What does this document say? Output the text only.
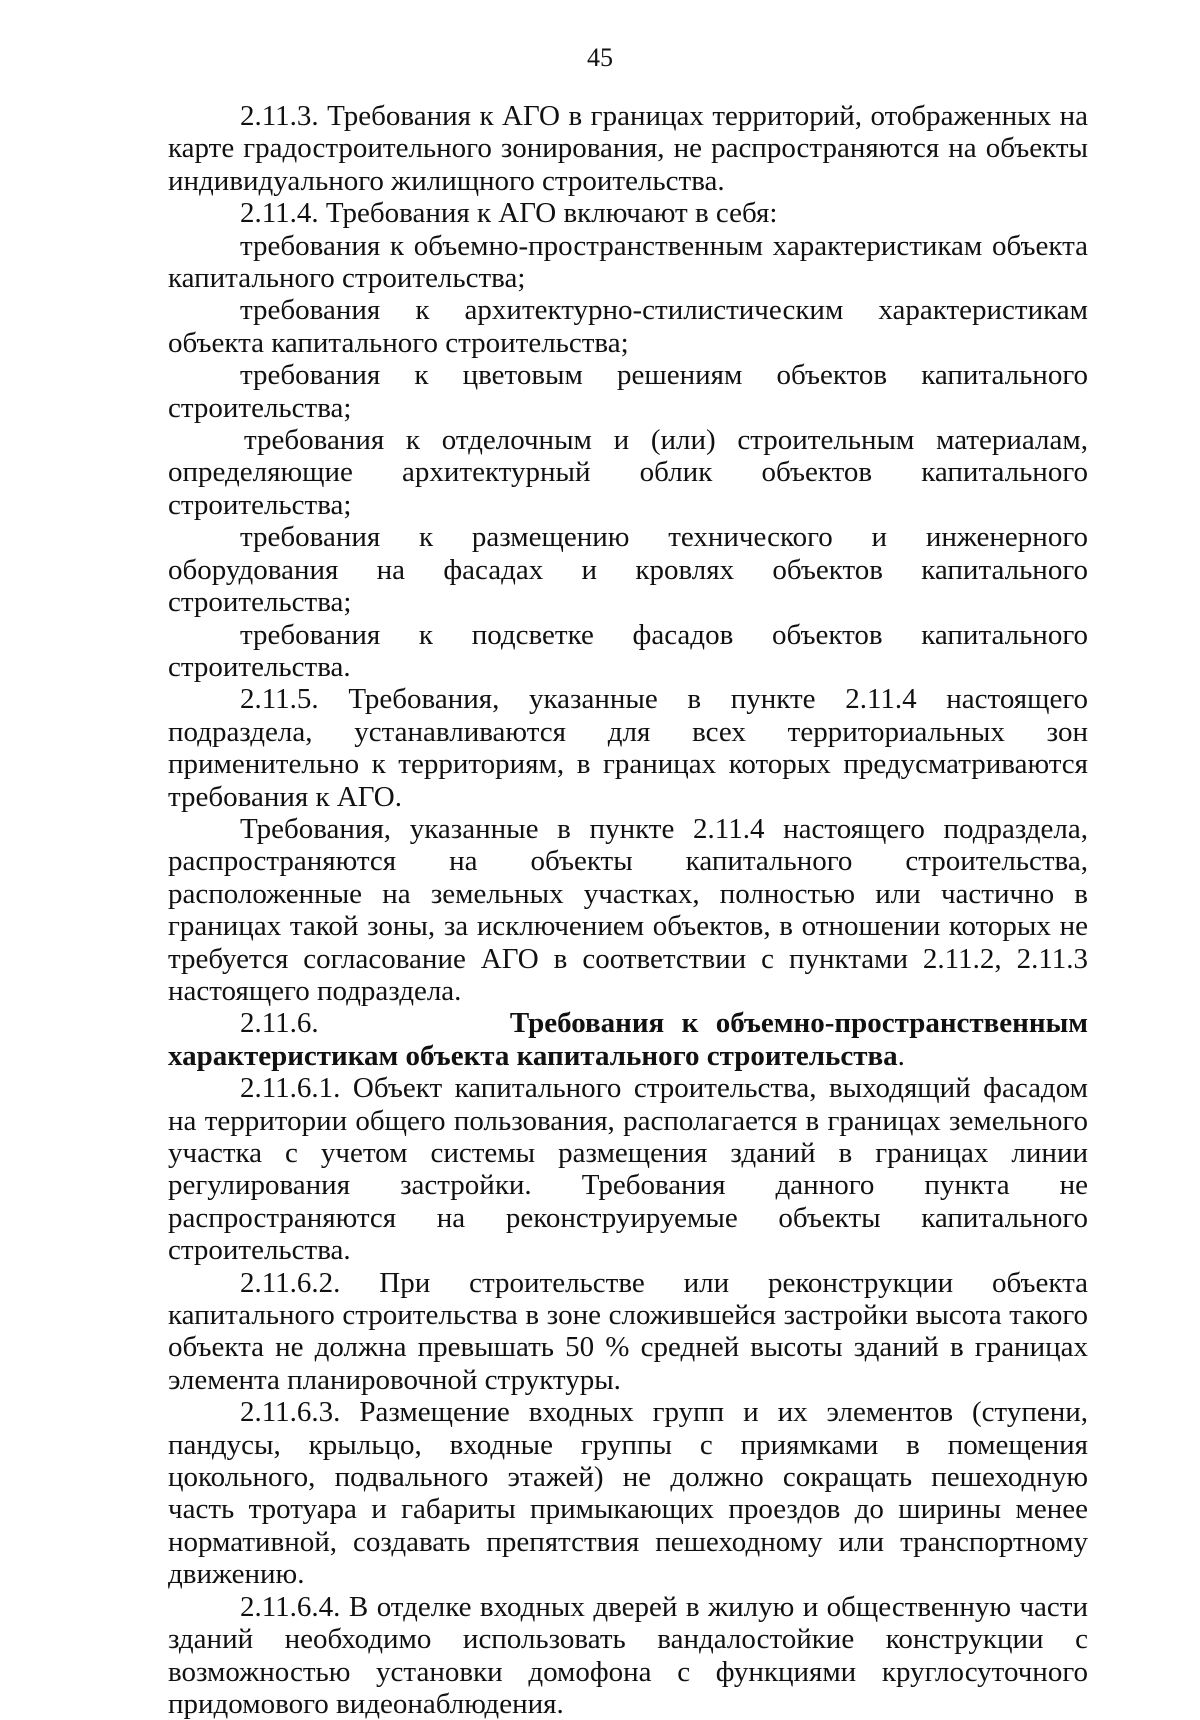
45

2.11.3. Требования к АГО в границах территорий, отображенных на карте градостроительного зонирования, не распространяются на объекты индивидуального жилищного строительства.

2.11.4. Требования к АГО включают в себя:

требования к объемно-пространственным характеристикам объекта капитального строительства;

требования к архитектурно-стилистическим характеристикам объекта капитального строительства;

требования к цветовым решениям объектов капитального строительства;

требования к отделочным и (или) строительным материалам, определяющие архитектурный облик объектов капитального строительства;

требования к размещению технического и инженерного оборудования на фасадах и кровлях объектов капитального строительства;

требования к подсветке фасадов объектов капитального строительства.

2.11.5. Требования, указанные в пункте 2.11.4 настоящего подраздела, устанавливаются для всех территориальных зон применительно к территориям, в границах которых предусматриваются требования к АГО.

Требования, указанные в пункте 2.11.4 настоящего подраздела, распространяются на объекты капитального строительства, расположенные на земельных участках, полностью или частично в границах такой зоны, за исключением объектов, в отношении которых не требуется согласование АГО в соответствии с пунктами 2.11.2, 2.11.3 настоящего подраздела.

2.11.6.	Требования к объемно-пространственным характеристикам объекта капитального строительства.

2.11.6.1. Объект капитального строительства, выходящий фасадом на территории общего пользования, располагается в границах земельного участка с учетом системы размещения зданий в границах линии регулирования застройки. Требования данного пункта не распространяются на реконструируемые объекты капитального строительства.

2.11.6.2. При строительстве или реконструкции объекта капитального строительства в зоне сложившейся застройки высота такого объекта не должна превышать 50 % средней высоты зданий в границах элемента планировочной структуры.

2.11.6.3. Размещение входных групп и их элементов (ступени, пандусы, крыльцо, входные группы с приямками в помещения цокольного, подвального этажей) не должно сокращать пешеходную часть тротуара и габариты примыкающих проездов до ширины менее нормативной, создавать препятствия пешеходному или транспортному движению.

2.11.6.4. В отделке входных дверей в жилую и общественную части зданий необходимо использовать вандалостойкие конструкции с возможностью установки домофона с функциями круглосуточного придомового видеонаблюдения.
